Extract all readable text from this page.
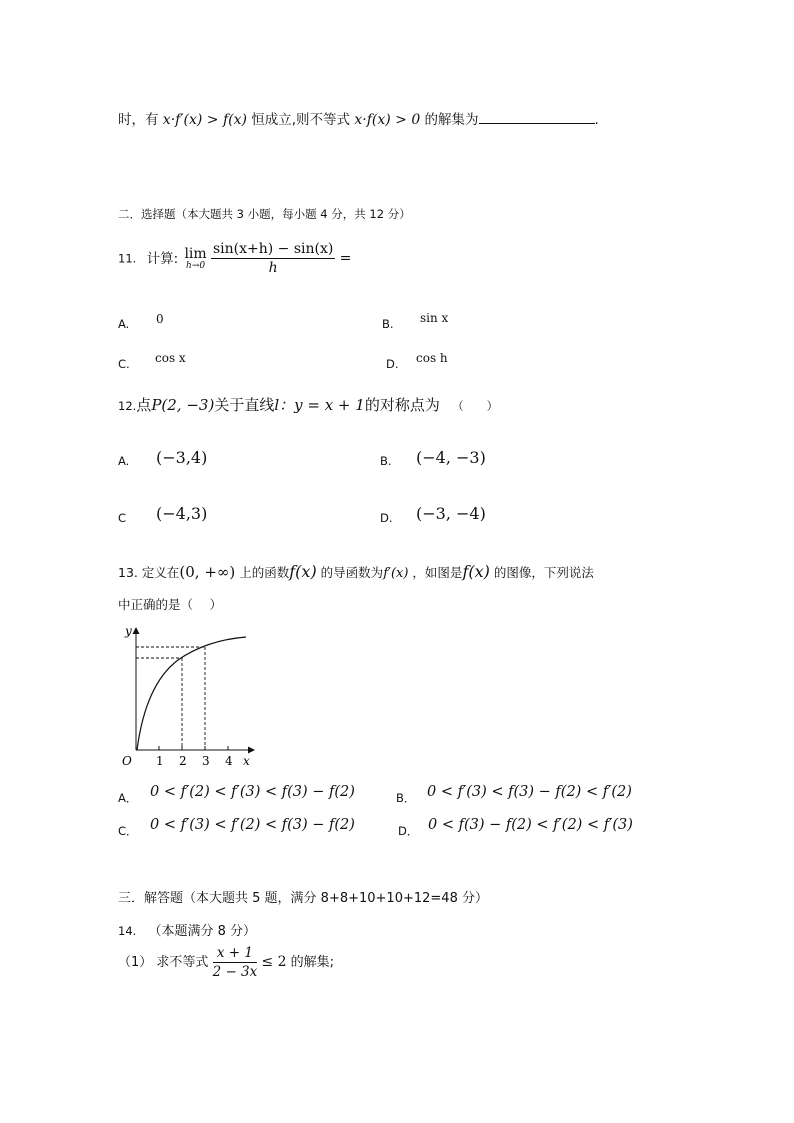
时，有 x·f′(x) > f(x) 恒成立,则不等式 x·f(x) > 0 的解集为	.
二．选择题（本大题共 3 小题，每小题 4 分，共 12 分）
11. 计算: lim
h→0
$\frac{\sin(x+h) - \sin(x)}{h}$ =
A. 0	B. sin x
C. cos x	D. cos h
12.点P(2, −3)关于直线l：y = x + 1的对称点为 （　　）
A. (−3,4)	B. (−4, −3)
C (−4,3)	D. (−3, −4)
13. 定义在(0, +∞) 上的函数f(x) 的导函数为f′(x) ，如图是f(x) 的图像，下列说法
中正确的是（　 ）
y
x
O 1 2 3 4
A． 0 < f′(2) < f′(3) < f(3) − f(2)	B． 0 < f′(3) < f(3) − f(2) < f′(2)
C． 0 < f′(3) < f′(2) < f(3) − f(2)	D． 0 < f(3) − f(2) < f′(2) < f′(3)
三．解答题（本大题共 5 题，满分 8+8+10+10+12=48 分）
14. （本题满分 8 分）
（1） 求不等式 $\frac{x + 1}{2 - 3x} \le 2$ 的解集;
